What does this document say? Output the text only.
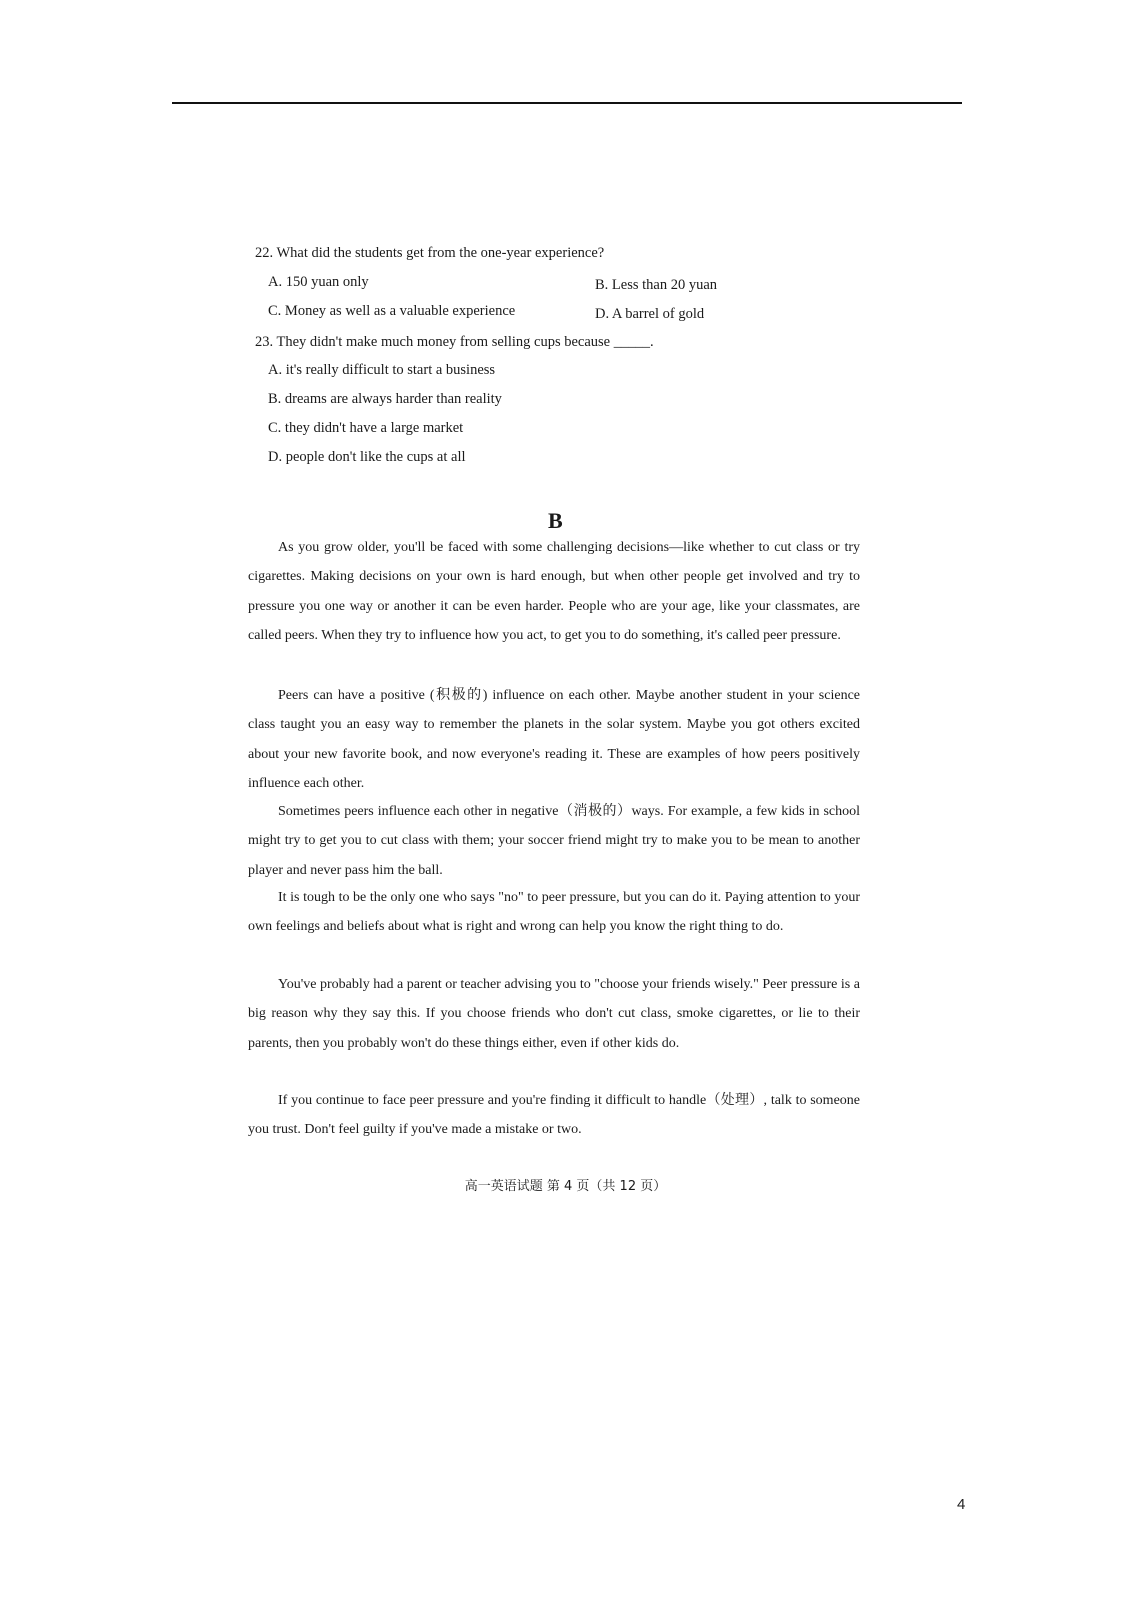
22. What did the students get from the one-year experience?
A. 150 yuan only	B. Less than 20 yuan
C. Money as well as a valuable experience	D. A barrel of gold
23. They didn't make much money from selling cups because _____.
A. it's really difficult to start a business
B. dreams are always harder than reality
C. they didn't have a large market
D. people don't like the cups at all
B

As you grow older, you'll be faced with some challenging decisions—like whether to cut class or try cigarettes. Making decisions on your own is hard enough, but when other people get involved and try to pressure you one way or another it can be even harder. People who are your age, like your classmates, are called peers. When they try to influence how you act, to get you to do something, it's called peer pressure.

Peers can have a positive (积极的) influence on each other. Maybe another student in your science class taught you an easy way to remember the planets in the solar system. Maybe you got others excited about your new favorite book, and now everyone's reading it. These are examples of how peers positively influence each other.

Sometimes peers influence each other in negative（消极的）ways. For example, a few kids in school might try to get you to cut class with them; your soccer friend might try to make you to be mean to another player and never pass him the ball.

It is tough to be the only one who says "no" to peer pressure, but you can do it. Paying attention to your own feelings and beliefs about what is right and wrong can help you know the right thing to do.

You've probably had a parent or teacher advising you to "choose your friends wisely." Peer pressure is a big reason why they say this. If you choose friends who don't cut class, smoke cigarettes, or lie to their parents, then you probably won't do these things either, even if other kids do.

If you continue to face peer pressure and you're finding it difficult to handle（处理）, talk to someone you trust. Don't feel guilty if you've made a mistake or two.

高一英语试题 第 4 页（共 12 页）
4
